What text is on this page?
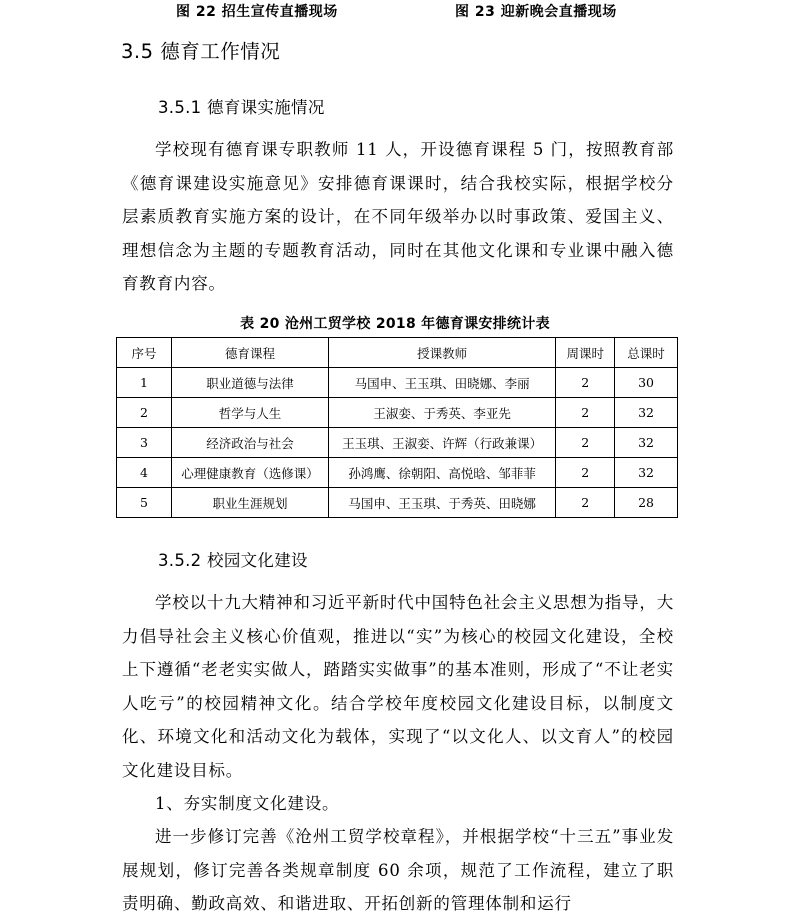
图 22 招生宣传直播现场	图 23 迎新晚会直播现场
3.5 德育工作情况
3.5.1 德育课实施情况

学校现有德育课专职教师 11 人，开设德育课程 5 门，按照教育部《德育课建设实施意见》安排德育课课时，结合我校实际，根据学校分层素质教育实施方案的设计，在不同年级举办以时事政策、爱国主义、理想信念为主题的专题教育活动，同时在其他文化课和专业课中融入德育教育内容。

表 20 沧州工贸学校 2018 年德育课安排统计表
序号	德育课程	授课教师	周课时	总课时
1	职业道德与法律	马国申、王玉琪、田晓娜、李丽	2	30
2	哲学与人生	王淑娈、于秀英、李亚先	2	32
3	经济政治与社会	王玉琪、王淑娈、许辉（行政兼课）	2	32
4	心理健康教育（选修课）	孙鸿鹰、徐朝阳、高悦晗、邹菲菲	2	32
5	职业生涯规划	马国申、王玉琪、于秀英、田晓娜	2	28
3.5.2 校园文化建设

学校以十九大精神和习近平新时代中国特色社会主义思想为指导，大力倡导社会主义核心价值观，推进以“实”为核心的校园文化建设，全校上下遵循“老老实实做人，踏踏实实做事”的基本准则，形成了“不让老实人吃亏”的校园精神文化。结合学校年度校园文化建设目标，以制度文化、环境文化和活动文化为载体，实现了“以文化人、以文育人”的校园文化建设目标。

1、夯实制度文化建设。

进一步修订完善《沧州工贸学校章程》，并根据学校“十三五”事业发展规划，修订完善各类规章制度 60 余项，规范了工作流程，建立了职责明确、勤政高效、和谐进取、开拓创新的管理体制和运行
